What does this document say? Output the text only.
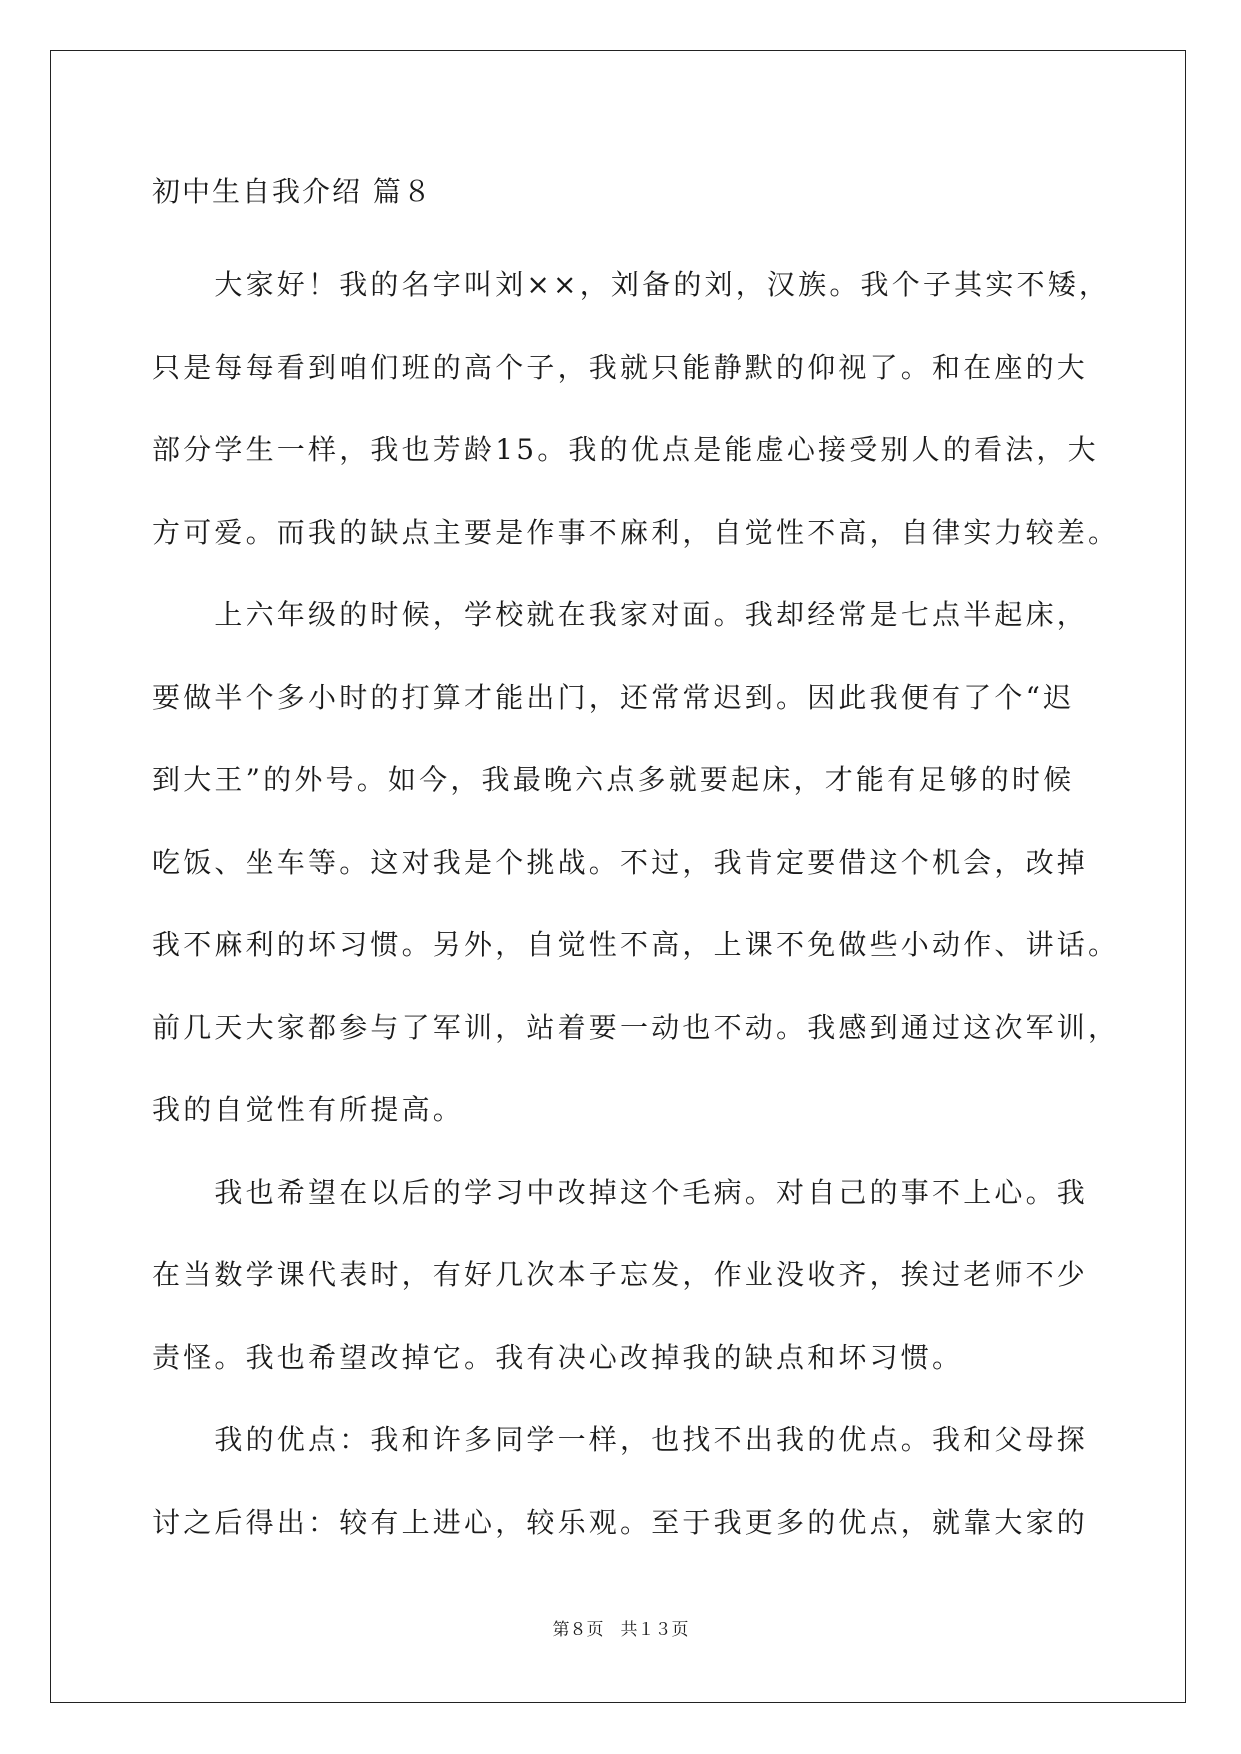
初中生自我介绍 篇８
　　大家好！我的名字叫刘××，刘备的刘，汉族。我个子其实不矮，
只是每每看到咱们班的高个子，我就只能静默的仰视了。和在座的大
部分学生一样，我也芳龄15。我的优点是能虚心接受别人的看法，大
方可爱。而我的缺点主要是作事不麻利，自觉性不高，自律实力较差。
　　上六年级的时候，学校就在我家对面。我却经常是七点半起床，
要做半个多小时的打算才能出门，还常常迟到。因此我便有了个“迟
到大王”的外号。如今，我最晚六点多就要起床，才能有足够的时候
吃饭、坐车等。这对我是个挑战。不过，我肯定要借这个机会，改掉
我不麻利的坏习惯。另外，自觉性不高，上课不免做些小动作、讲话。
前几天大家都参与了军训，站着要一动也不动。我感到通过这次军训，
我的自觉性有所提高。
　　我也希望在以后的学习中改掉这个毛病。对自己的事不上心。我
在当数学课代表时，有好几次本子忘发，作业没收齐，挨过老师不少
责怪。我也希望改掉它。我有决心改掉我的缺点和坏习惯。
　　我的优点：我和许多同学一样，也找不出我的优点。我和父母探
讨之后得出：较有上进心，较乐观。至于我更多的优点，就靠大家的
第８页　共１３页
